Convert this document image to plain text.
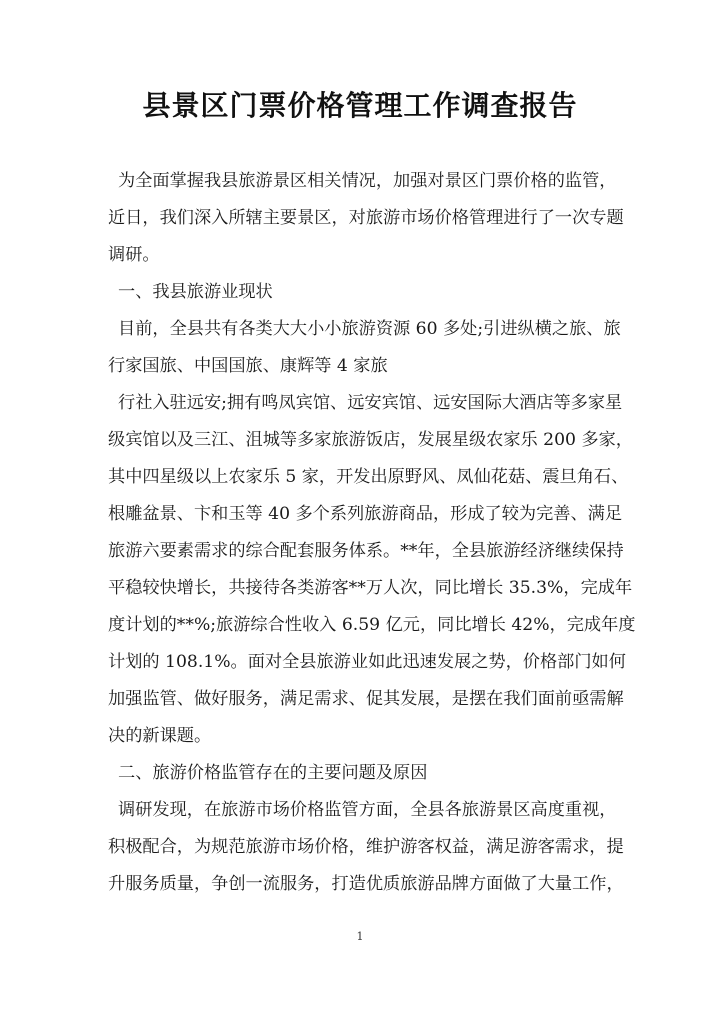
县景区门票价格管理工作调查报告
为全面掌握我县旅游景区相关情况，加强对景区门票价格的监管，
近日，我们深入所辖主要景区，对旅游市场价格管理进行了一次专题
调研。
一、我县旅游业现状
目前，全县共有各类大大小小旅游资源 60 多处;引进纵横之旅、旅
行家国旅、中国国旅、康辉等 4 家旅
行社入驻远安;拥有鸣凤宾馆、远安宾馆、远安国际大酒店等多家星
级宾馆以及三江、沮城等多家旅游饭店，发展星级农家乐 200 多家，
其中四星级以上农家乐 5 家，开发出原野风、凤仙花菇、震旦角石、
根雕盆景、卞和玉等 40 多个系列旅游商品，形成了较为完善、满足
旅游六要素需求的综合配套服务体系。**年，全县旅游经济继续保持
平稳较快增长，共接待各类游客**万人次，同比增长 35.3%，完成年
度计划的**%;旅游综合性收入 6.59 亿元，同比增长 42%，完成年度
计划的 108.1%。面对全县旅游业如此迅速发展之势，价格部门如何
加强监管、做好服务，满足需求、促其发展，是摆在我们面前亟需解
决的新课题。
二、旅游价格监管存在的主要问题及原因
调研发现，在旅游市场价格监管方面，全县各旅游景区高度重视，
积极配合，为规范旅游市场价格，维护游客权益，满足游客需求，提
升服务质量，争创一流服务，打造优质旅游品牌方面做了大量工作，
1
